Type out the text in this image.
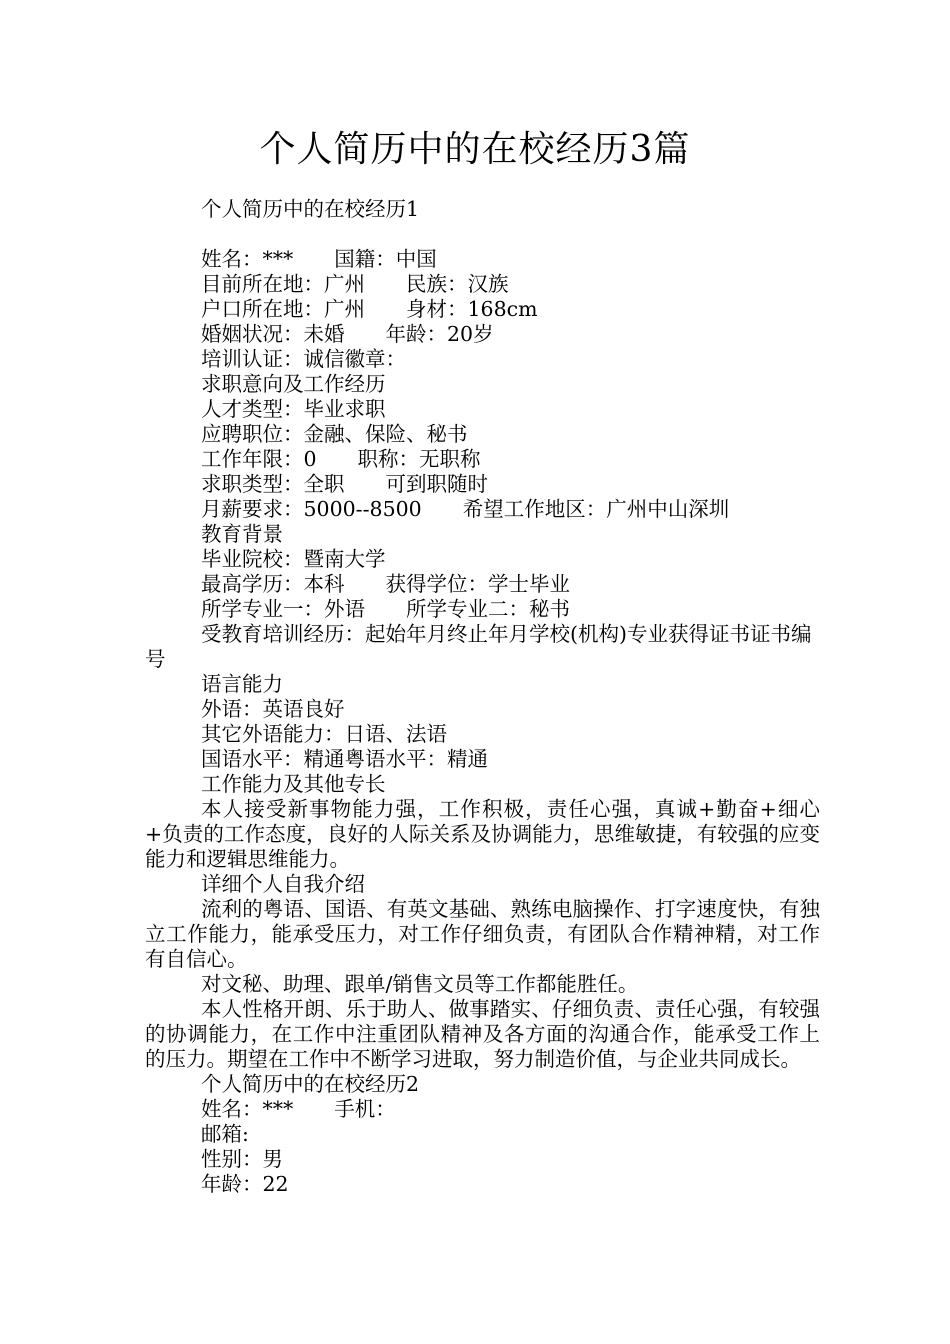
个人简历中的在校经历3篇

个人简历中的在校经历1

姓名：***　　国籍：中国

目前所在地：广州　　民族：汉族

户口所在地：广州　　身材：168cm

婚姻状况：未婚　　年龄：20岁

培训认证：诚信徽章：

求职意向及工作经历

人才类型：毕业求职

应聘职位：金融、保险、秘书

工作年限：0　　职称：无职称

求职类型：全职　　可到职随时

月薪要求：5000--8500　　希望工作地区：广州中山深圳

教育背景

毕业院校：暨南大学

最高学历：本科　　获得学位：学士毕业

所学专业一：外语　　所学专业二：秘书

受教育培训经历：起始年月终止年月学校(机构)专业获得证书证书编号

语言能力

外语：英语良好

其它外语能力：日语、法语

国语水平：精通粤语水平：精通

工作能力及其他专长

本人接受新事物能力强，工作积极，责任心强，真诚+勤奋+细心+负责的工作态度，良好的人际关系及协调能力，思维敏捷，有较强的应变能力和逻辑思维能力。

详细个人自我介绍

流利的粤语、国语、有英文基础、熟练电脑操作、打字速度快，有独立工作能力，能承受压力，对工作仔细负责，有团队合作精神精，对工作有自信心。

对文秘、助理、跟单/销售文员等工作都能胜任。

本人性格开朗、乐于助人、做事踏实、仔细负责、责任心强，有较强的协调能力，在工作中注重团队精神及各方面的沟通合作，能承受工作上的压力。期望在工作中不断学习进取，努力制造价值，与企业共同成长。

个人简历中的在校经历2

姓名：***　　手机：

邮箱:

性别：男

年龄：22
